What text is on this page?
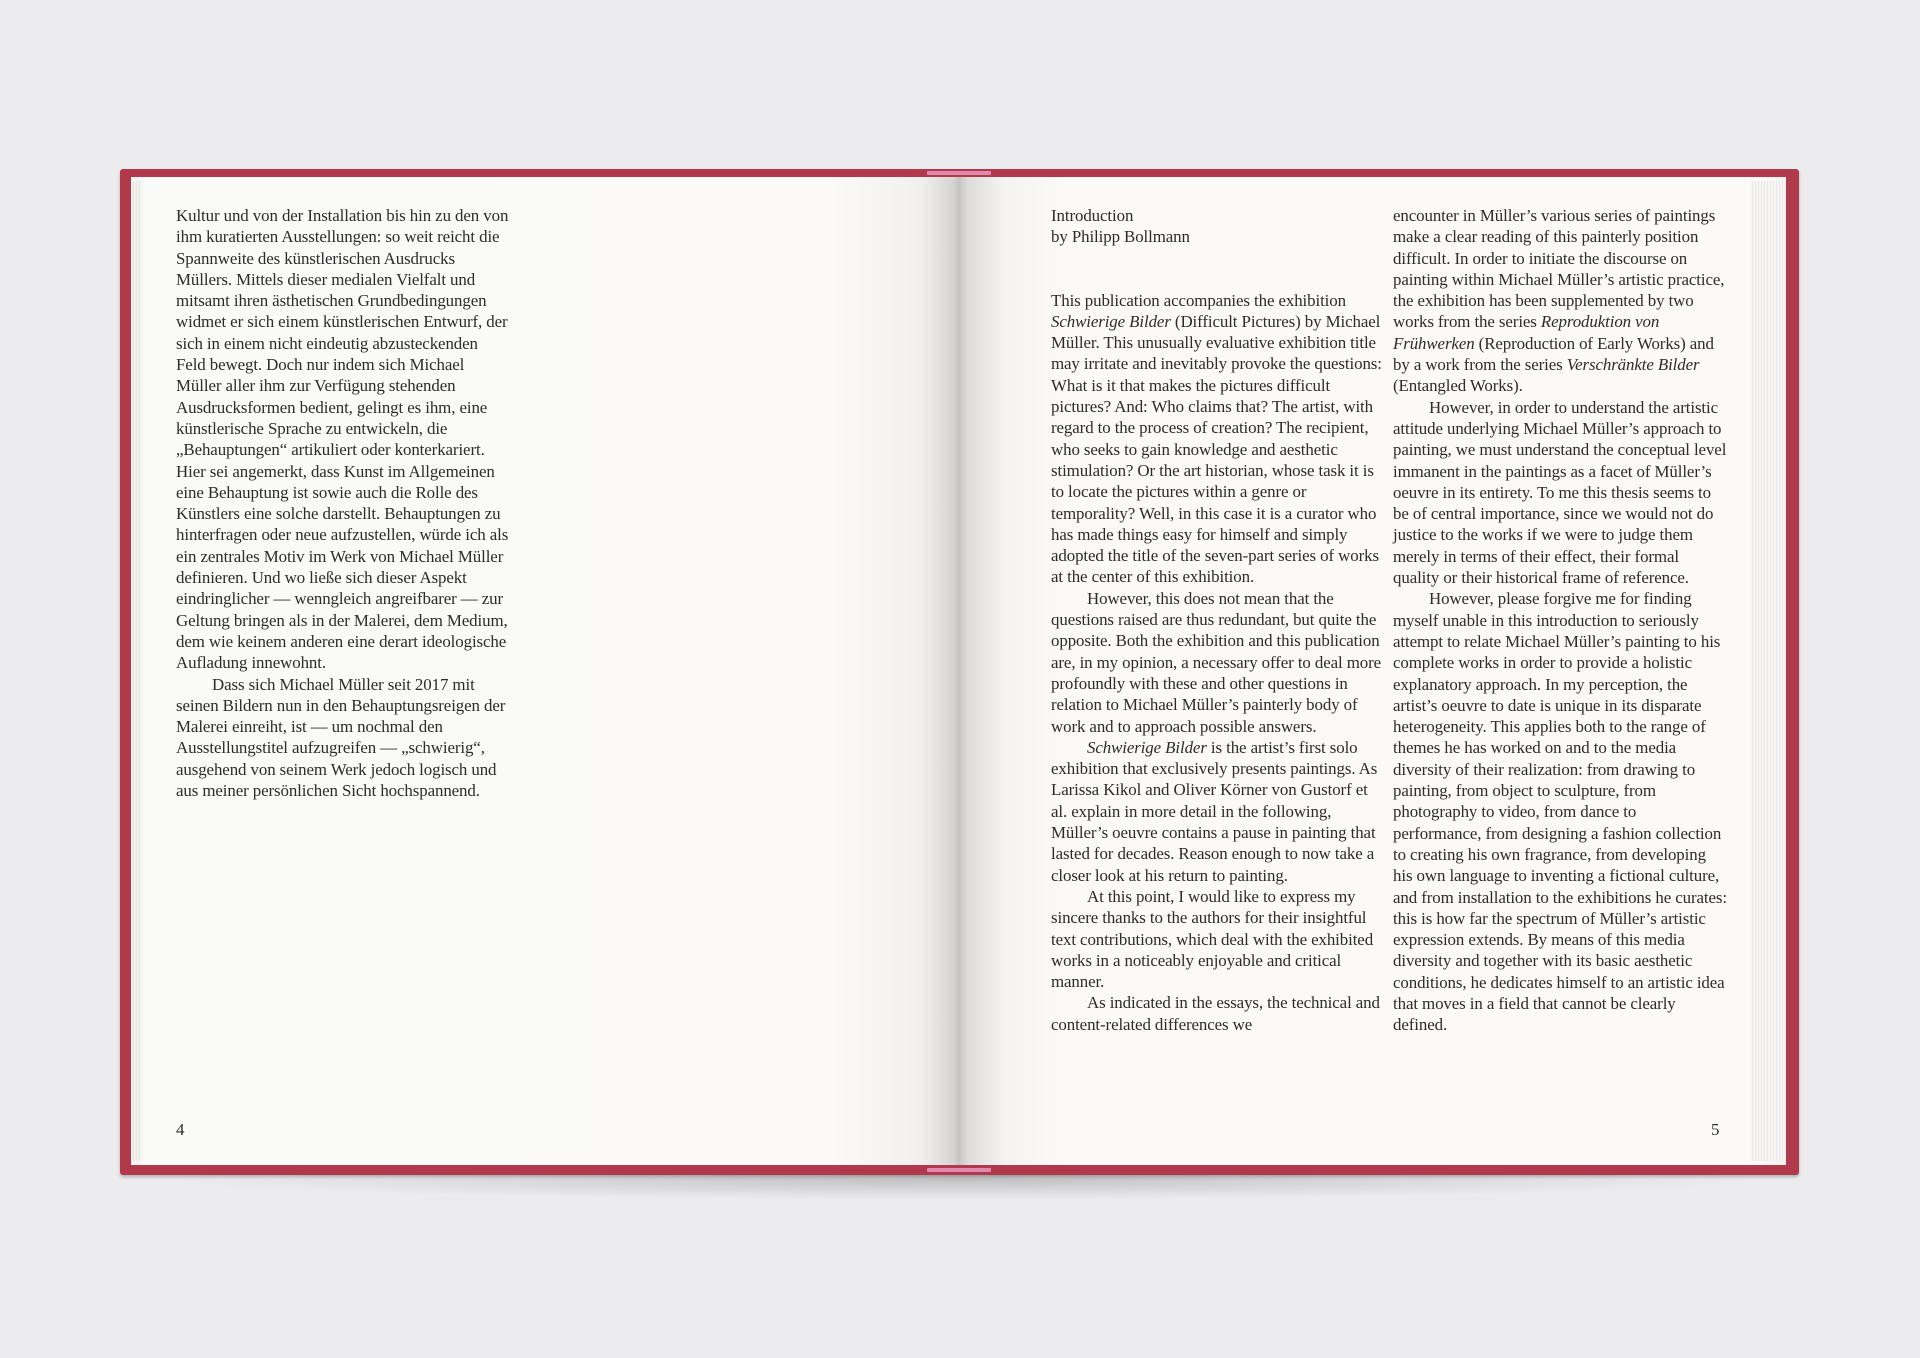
Kultur und von der Installation bis hin zu den von ihm kuratierten Ausstellungen: so weit reicht die Spannweite des künstlerischen Ausdrucks Müllers. Mittels dieser medialen Vielfalt und mitsamt ihren ästhetischen Grundbedingungen widmet er sich einem künstlerischen Entwurf, der sich in einem nicht eindeutig abzusteckenden Feld bewegt. Doch nur indem sich Michael Müller aller ihm zur Verfügung stehenden Ausdrucksformen bedient, gelingt es ihm, eine künstlerische Sprache zu entwickeln, die „Behauptungen“ artikuliert oder konterkariert. Hier sei angemerkt, dass Kunst im Allgemeinen eine Behauptung ist sowie auch die Rolle des Künstlers eine solche darstellt. Behauptungen zu hinterfragen oder neue aufzustellen, würde ich als ein zentrales Motiv im Werk von Michael Müller definieren. Und wo ließe sich dieser Aspekt eindringlicher — wenngleich angreifbarer — zur Geltung bringen als in der Malerei, dem Medium, dem wie keinem anderen eine derart ideologische Aufladung innewohnt.

Dass sich Michael Müller seit 2017 mit seinen Bildern nun in den Behauptungsreigen der Malerei einreiht, ist — um nochmal den Ausstellungstitel aufzugreifen — „schwierig“, ausgehend von seinem Werk jedoch logisch und aus meiner persönlichen Sicht hochspannend.

4

Introduction
by Philipp Bollmann

This publication accompanies the exhibition Schwierige Bilder (Difficult Pictures) by Michael Müller. This unusually evaluative exhibition title may irritate and inevitably provoke the questions: What is it that makes the pictures difficult pictures? And: Who claims that? The artist, with regard to the process of creation? The recipient, who seeks to gain knowledge and aesthetic stimulation? Or the art historian, whose task it is to locate the pictures within a genre or temporality? Well, in this case it is a curator who has made things easy for himself and simply adopted the title of the seven-part series of works at the center of this exhibition.

However, this does not mean that the questions raised are thus redundant, but quite the opposite. Both the exhibition and this publication are, in my opinion, a necessary offer to deal more profoundly with these and other questions in relation to Michael Müller’s painterly body of work and to approach possible answers.

Schwierige Bilder is the artist’s first solo exhibition that exclusively presents paintings. As Larissa Kikol and Oliver Körner von Gustorf et al. explain in more detail in the following, Müller’s oeuvre contains a pause in painting that lasted for decades. Reason enough to now take a closer look at his return to painting.

At this point, I would like to express my sincere thanks to the authors for their insightful text contributions, which deal with the exhibited works in a noticeably enjoyable and critical manner.

As indicated in the essays, the technical and content-related differences we

encounter in Müller’s various series of paintings make a clear reading of this painterly position difficult. In order to initiate the discourse on painting within Michael Müller’s artistic practice, the exhibition has been supplemented by two works from the series Reproduktion von Frühwerken (Reproduction of Early Works) and by a work from the series Verschränkte Bilder (Entangled Works).

However, in order to understand the artistic attitude underlying Michael Müller’s approach to painting, we must understand the conceptual level immanent in the paintings as a facet of Müller’s oeuvre in its entirety. To me this thesis seems to be of central importance, since we would not do justice to the works if we were to judge them merely in terms of their effect, their formal quality or their historical frame of reference.

However, please forgive me for finding myself unable in this introduction to seriously attempt to relate Michael Müller’s painting to his complete works in order to provide a holistic explanatory approach. In my perception, the artist’s oeuvre to date is unique in its disparate heterogeneity. This applies both to the range of themes he has worked on and to the media diversity of their realization: from drawing to painting, from object to sculpture, from photography to video, from dance to performance, from designing a fashion collection to creating his own fragrance, from developing his own language to inventing a fictional culture, and from installation to the exhibitions he curates: this is how far the spectrum of Müller’s artistic expression extends. By means of this media diversity and together with its basic aesthetic conditions, he dedicates himself to an artistic idea that moves in a field that cannot be clearly defined.

5
